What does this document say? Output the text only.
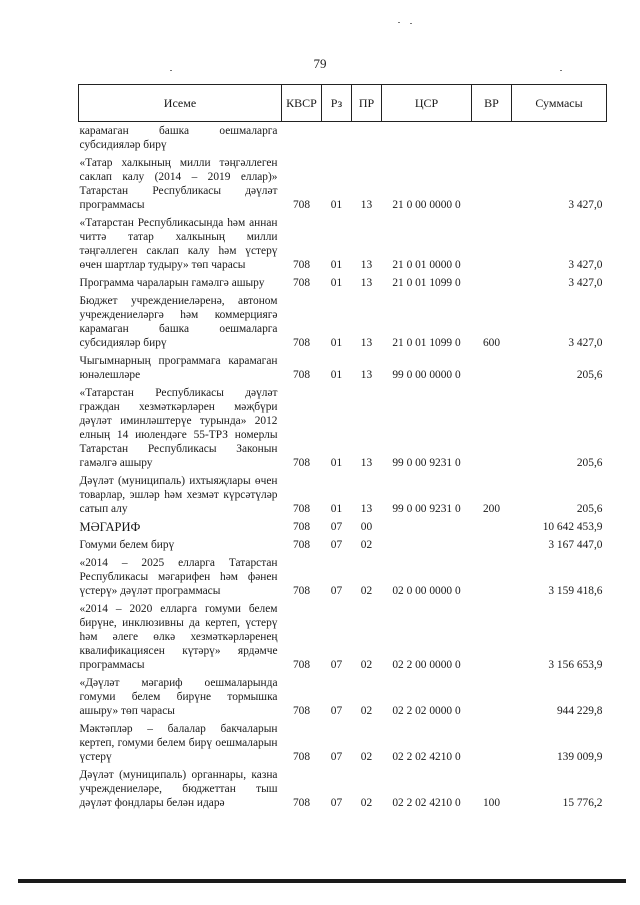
79
Исеме	КВСР	Рз	ПР	ЦСР	ВР	Суммасы
карамаган башка оешмаларга субсидияләр бирү						
«Татар халкының милли тәңгәллеген саклап калу (2014 – 2019 еллар)» Татарстан Республикасы дәүләт программасы	708	01	13	21 0 00 0000 0		3 427,0
«Татарстан Республикасында һәм аннан читтә татар халкының милли тәңгәллеген саклап калу һәм үстерү өчен шартлар тудыру» төп чарасы	708	01	13	21 0 01 0000 0		3 427,0
Программа чараларын гамәлгә ашыру	708	01	13	21 0 01 1099 0		3 427,0
Бюджет учреждениеләренә, автоном учреждениеләргә һәм коммерциягә карамаган башка оешмаларга субсидияләр бирү	708	01	13	21 0 01 1099 0	600	3 427,0
Чыгымнарның программага карамаган юнәлешләре	708	01	13	99 0 00 0000 0		205,6
«Татарстан Республикасы дәүләт граждан хезмәткәрләрен мәҗбүри дәүләт иминләштерүе турында» 2012 елның 14 июлендәге 55-ТРЗ номерлы Татарстан Республикасы Законын гамәлгә ашыру	708	01	13	99 0 00 9231 0		205,6
Дәүләт (муниципаль) ихтыяҗлары өчен товарлар, эшләр һәм хезмәт күрсәтүләр сатып алу	708	01	13	99 0 00 9231 0	200	205,6
МӘГАРИФ	708	07	00			10 642 453,9
Гомуми белем бирү	708	07	02			3 167 447,0
«2014 – 2025 елларга Татарстан Республикасы мәгарифен һәм фәнен үстерү» дәүләт программасы	708	07	02	02 0 00 0000 0		3 159 418,6
«2014 – 2020 елларга гомуми белем бирүне, инклюзивны да кертеп, үстерү һәм әлеге өлкә хезмәткәрләренең квалификациясен күтәрү» ярдәмче программасы	708	07	02	02 2 00 0000 0		3 156 653,9
«Дәүләт мәгариф оешмаларында гомуми белем бирүне тормышка ашыру» төп чарасы	708	07	02	02 2 02 0000 0		944 229,8
Мәктәпләр – балалар бакчаларын кертеп, гомуми белем бирү оешмаларын үстерү	708	07	02	02 2 02 4210 0		139 009,9
Дәүләт (муниципаль) органнары, казна учреждениеләре, бюджеттан тыш дәүләт фондлары белән идарә	708	07	02	02 2 02 4210 0	100	15 776,2
